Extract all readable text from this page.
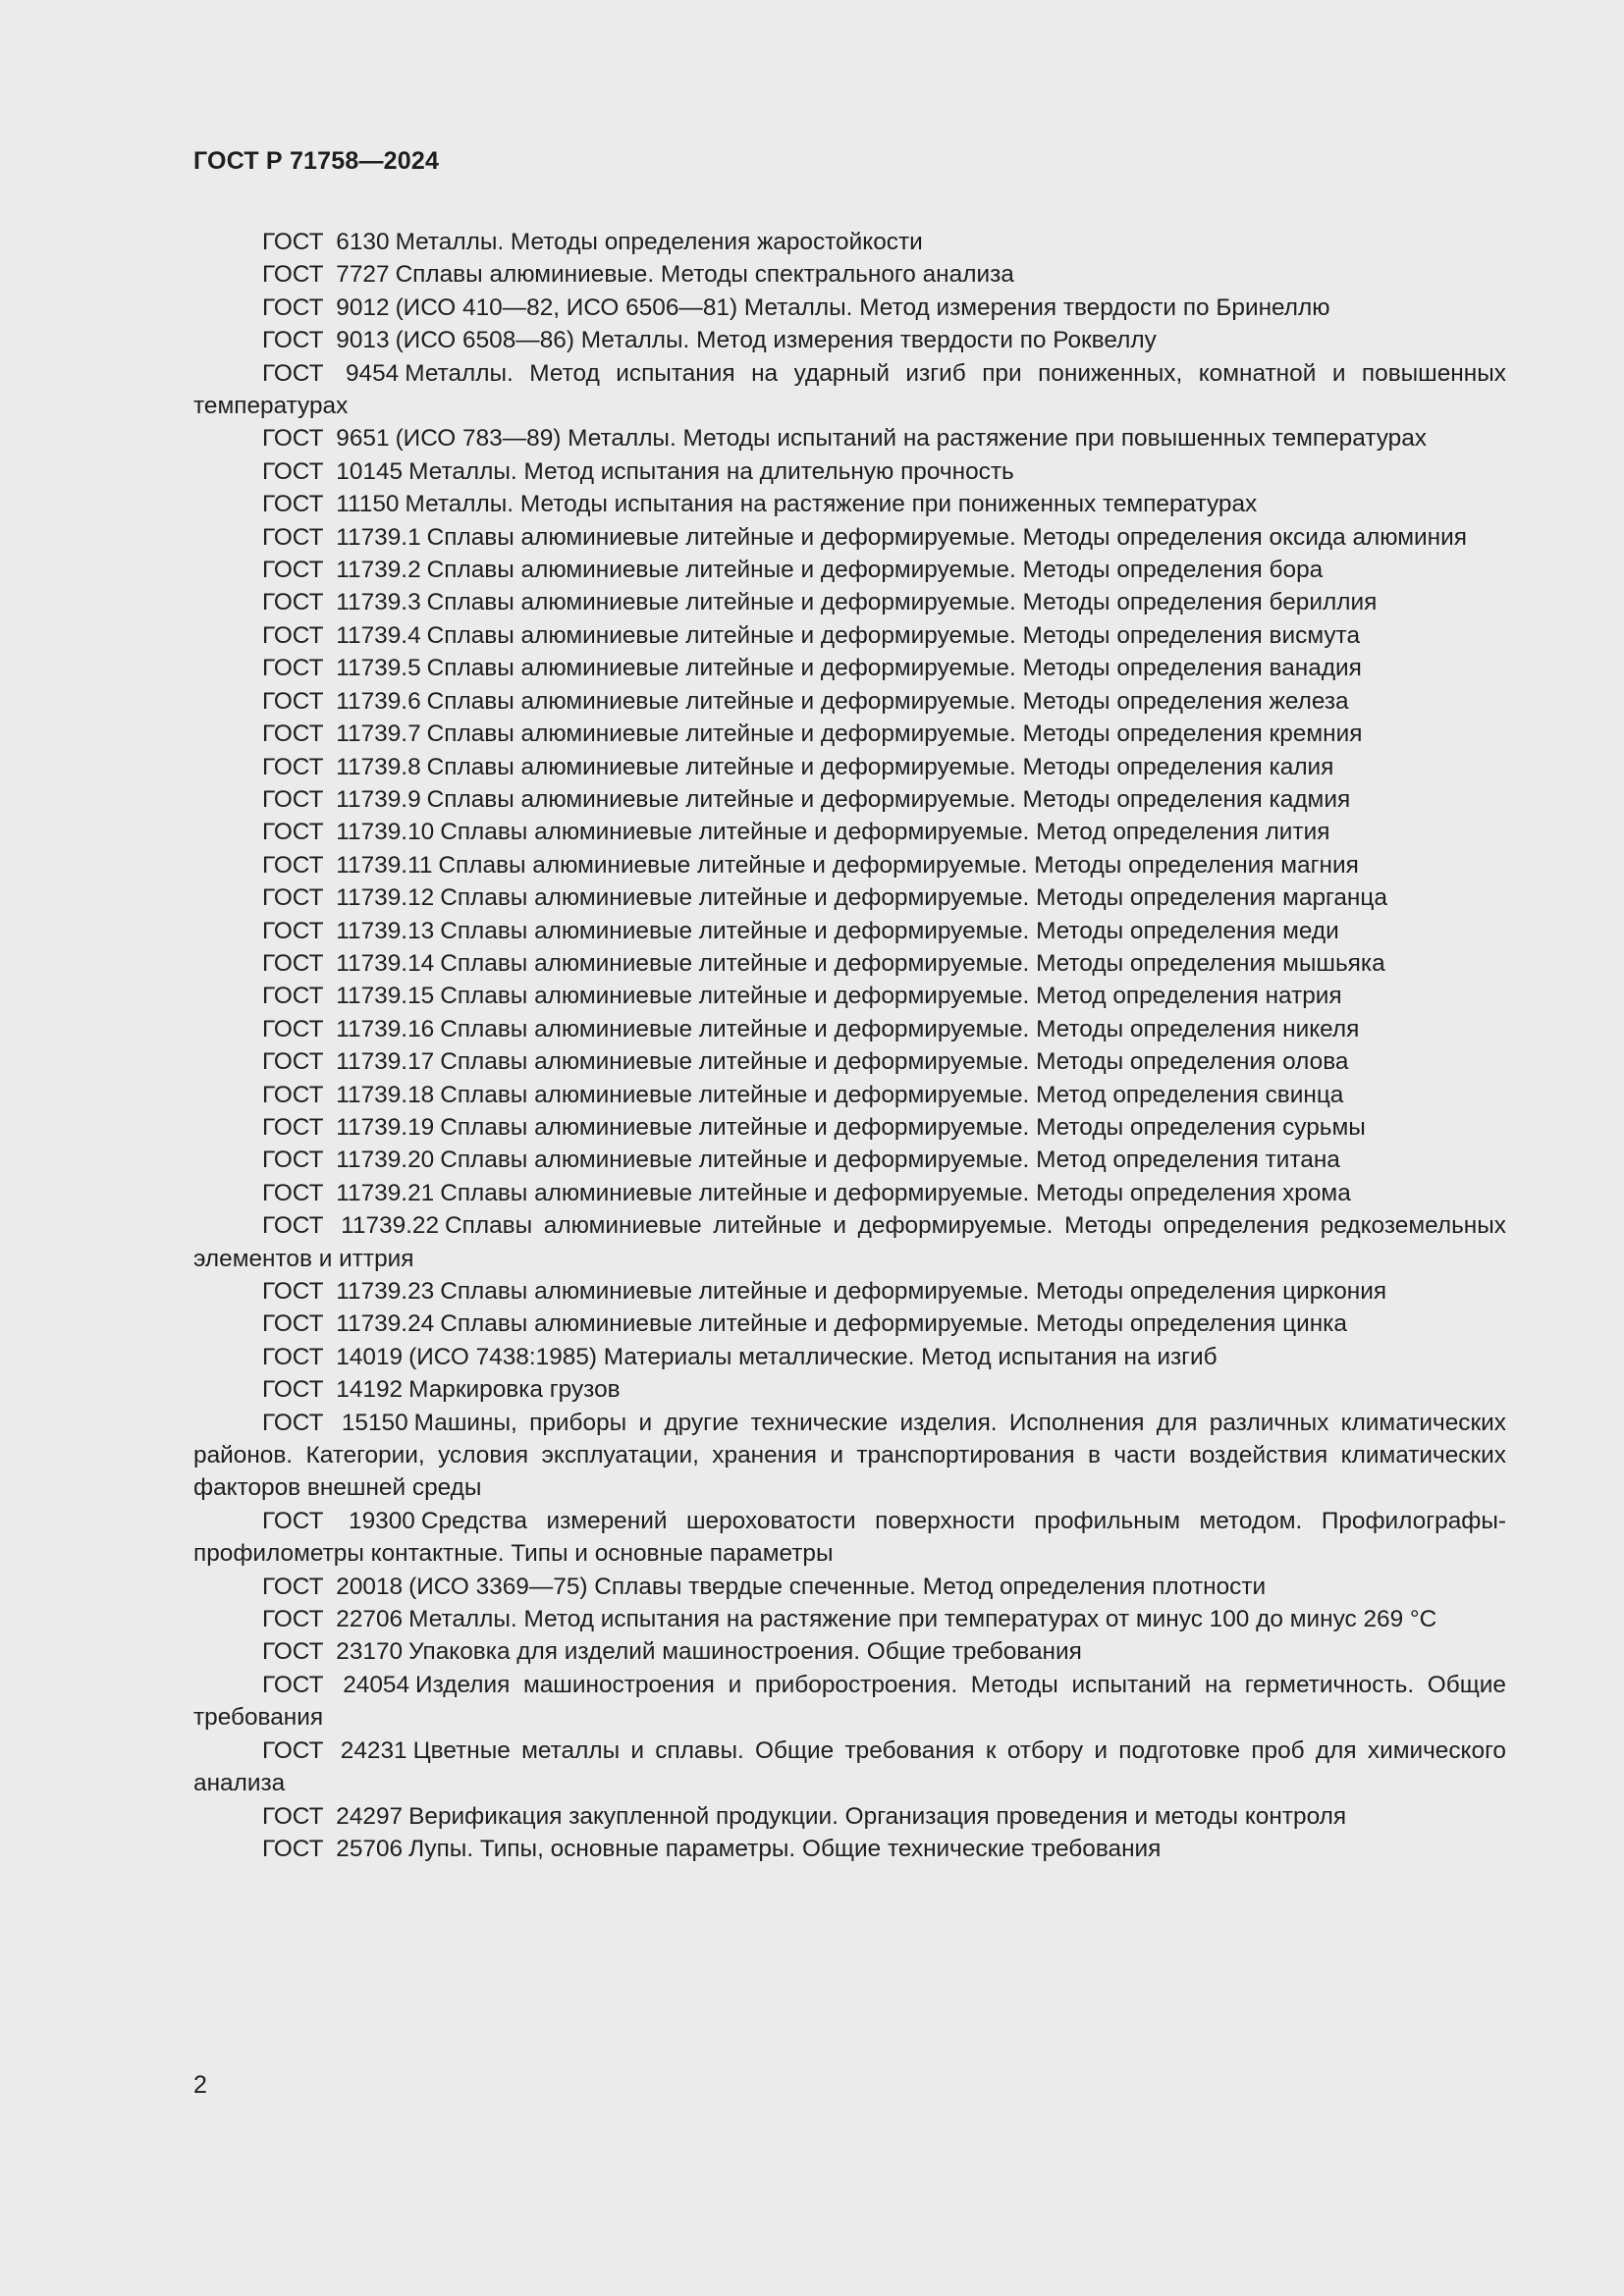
ГОСТ Р 71758—2024
ГОСТ 6130 Металлы. Методы определения жаростойкости
ГОСТ 7727 Сплавы алюминиевые. Методы спектрального анализа
ГОСТ 9012 (ИСО 410—82, ИСО 6506—81) Металлы. Метод измерения твердости по Бринеллю
ГОСТ 9013 (ИСО 6508—86) Металлы. Метод измерения твердости по Роквеллу
ГОСТ 9454 Металлы. Метод испытания на ударный изгиб при пониженных, комнатной и повышенных температурах
ГОСТ 9651 (ИСО 783—89) Металлы. Методы испытаний на растяжение при повышенных температурах
ГОСТ 10145 Металлы. Метод испытания на длительную прочность
ГОСТ 11150 Металлы. Методы испытания на растяжение при пониженных температурах
ГОСТ 11739.1 Сплавы алюминиевые литейные и деформируемые. Методы определения оксида алюминия
ГОСТ 11739.2 Сплавы алюминиевые литейные и деформируемые. Методы определения бора
ГОСТ 11739.3 Сплавы алюминиевые литейные и деформируемые. Методы определения бериллия
ГОСТ 11739.4 Сплавы алюминиевые литейные и деформируемые. Методы определения висмута
ГОСТ 11739.5 Сплавы алюминиевые литейные и деформируемые. Методы определения ванадия
ГОСТ 11739.6 Сплавы алюминиевые литейные и деформируемые. Методы определения железа
ГОСТ 11739.7 Сплавы алюминиевые литейные и деформируемые. Методы определения кремния
ГОСТ 11739.8 Сплавы алюминиевые литейные и деформируемые. Методы определения калия
ГОСТ 11739.9 Сплавы алюминиевые литейные и деформируемые. Методы определения кадмия
ГОСТ 11739.10 Сплавы алюминиевые литейные и деформируемые. Метод определения лития
ГОСТ 11739.11 Сплавы алюминиевые литейные и деформируемые. Методы определения магния
ГОСТ 11739.12 Сплавы алюминиевые литейные и деформируемые. Методы определения марганца
ГОСТ 11739.13 Сплавы алюминиевые литейные и деформируемые. Методы определения меди
ГОСТ 11739.14 Сплавы алюминиевые литейные и деформируемые. Методы определения мышьяка
ГОСТ 11739.15 Сплавы алюминиевые литейные и деформируемые. Метод определения натрия
ГОСТ 11739.16 Сплавы алюминиевые литейные и деформируемые. Методы определения никеля
ГОСТ 11739.17 Сплавы алюминиевые литейные и деформируемые. Методы определения олова
ГОСТ 11739.18 Сплавы алюминиевые литейные и деформируемые. Метод определения свинца
ГОСТ 11739.19 Сплавы алюминиевые литейные и деформируемые. Методы определения сурьмы
ГОСТ 11739.20 Сплавы алюминиевые литейные и деформируемые. Метод определения титана
ГОСТ 11739.21 Сплавы алюминиевые литейные и деформируемые. Методы определения хрома
ГОСТ 11739.22 Сплавы алюминиевые литейные и деформируемые. Методы определения редкоземельных элементов и иттрия
ГОСТ 11739.23 Сплавы алюминиевые литейные и деформируемые. Методы определения циркония
ГОСТ 11739.24 Сплавы алюминиевые литейные и деформируемые. Методы определения цинка
ГОСТ 14019 (ИСО 7438:1985) Материалы металлические. Метод испытания на изгиб
ГОСТ 14192 Маркировка грузов
ГОСТ 15150 Машины, приборы и другие технические изделия. Исполнения для различных климатических районов. Категории, условия эксплуатации, хранения и транспортирования в части воздействия климатических факторов внешней среды
ГОСТ 19300 Средства измерений шероховатости поверхности профильным методом. Профилографы-профилометры контактные. Типы и основные параметры
ГОСТ 20018 (ИСО 3369—75) Сплавы твердые спеченные. Метод определения плотности
ГОСТ 22706 Металлы. Метод испытания на растяжение при температурах от минус 100 до минус 269 °С
ГОСТ 23170 Упаковка для изделий машиностроения. Общие требования
ГОСТ 24054 Изделия машиностроения и приборостроения. Методы испытаний на герметичность. Общие требования
ГОСТ 24231 Цветные металлы и сплавы. Общие требования к отбору и подготовке проб для химического анализа
ГОСТ 24297 Верификация закупленной продукции. Организация проведения и методы контроля
ГОСТ 25706 Лупы. Типы, основные параметры. Общие технические требования
2
